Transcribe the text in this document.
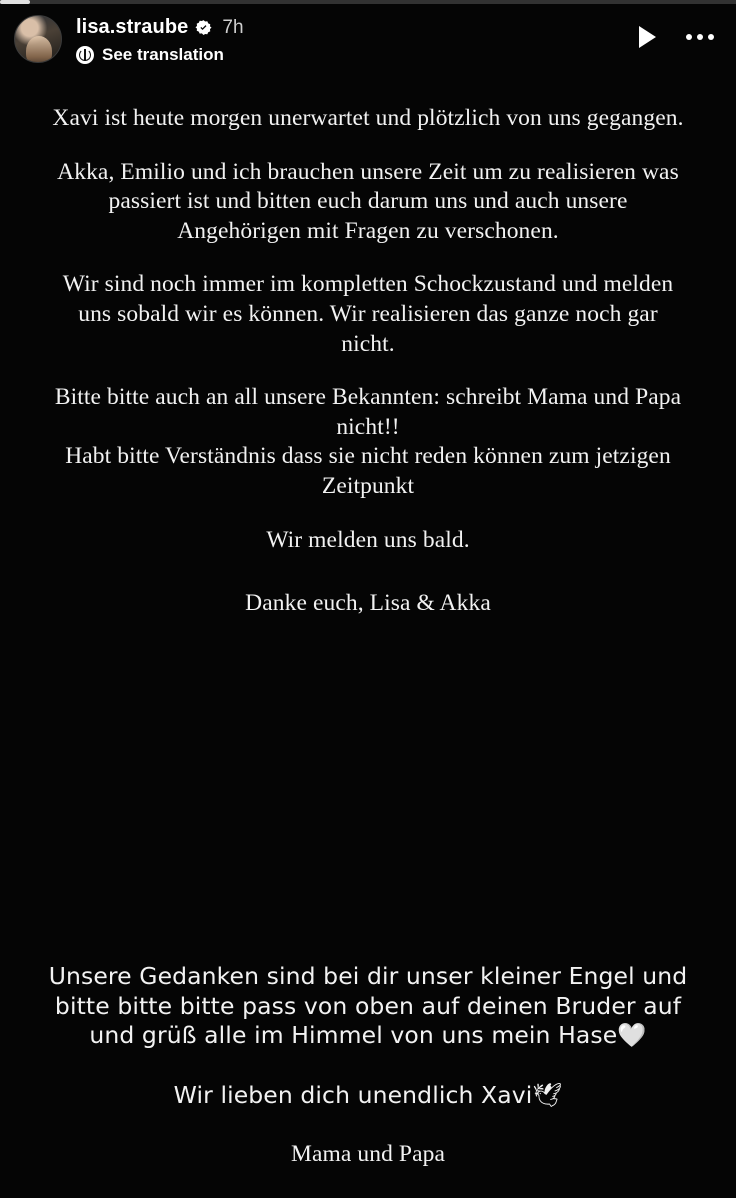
lisa.straube 7h
See translation

Xavi ist heute morgen unerwartet und plötzlich von uns gegangen.

Akka, Emilio und ich brauchen unsere Zeit um zu realisieren was passiert ist und bitten euch darum uns und auch unsere Angehörigen mit Fragen zu verschonen.

Wir sind noch immer im kompletten Schockzustand und melden uns sobald wir es können. Wir realisieren das ganze noch gar nicht.

Bitte bitte auch an all unsere Bekannten: schreibt Mama und Papa nicht!!

Habt bitte Verständnis dass sie nicht reden können zum jetzigen Zeitpunkt

Wir melden uns bald.

Danke euch, Lisa & Akka

Unsere Gedanken sind bei dir unser kleiner Engel und bitte bitte bitte pass von oben auf deinen Bruder auf und grüß alle im Himmel von uns mein Hase🤍

Wir lieben dich unendlich Xavi🕊

Mama und Papa
